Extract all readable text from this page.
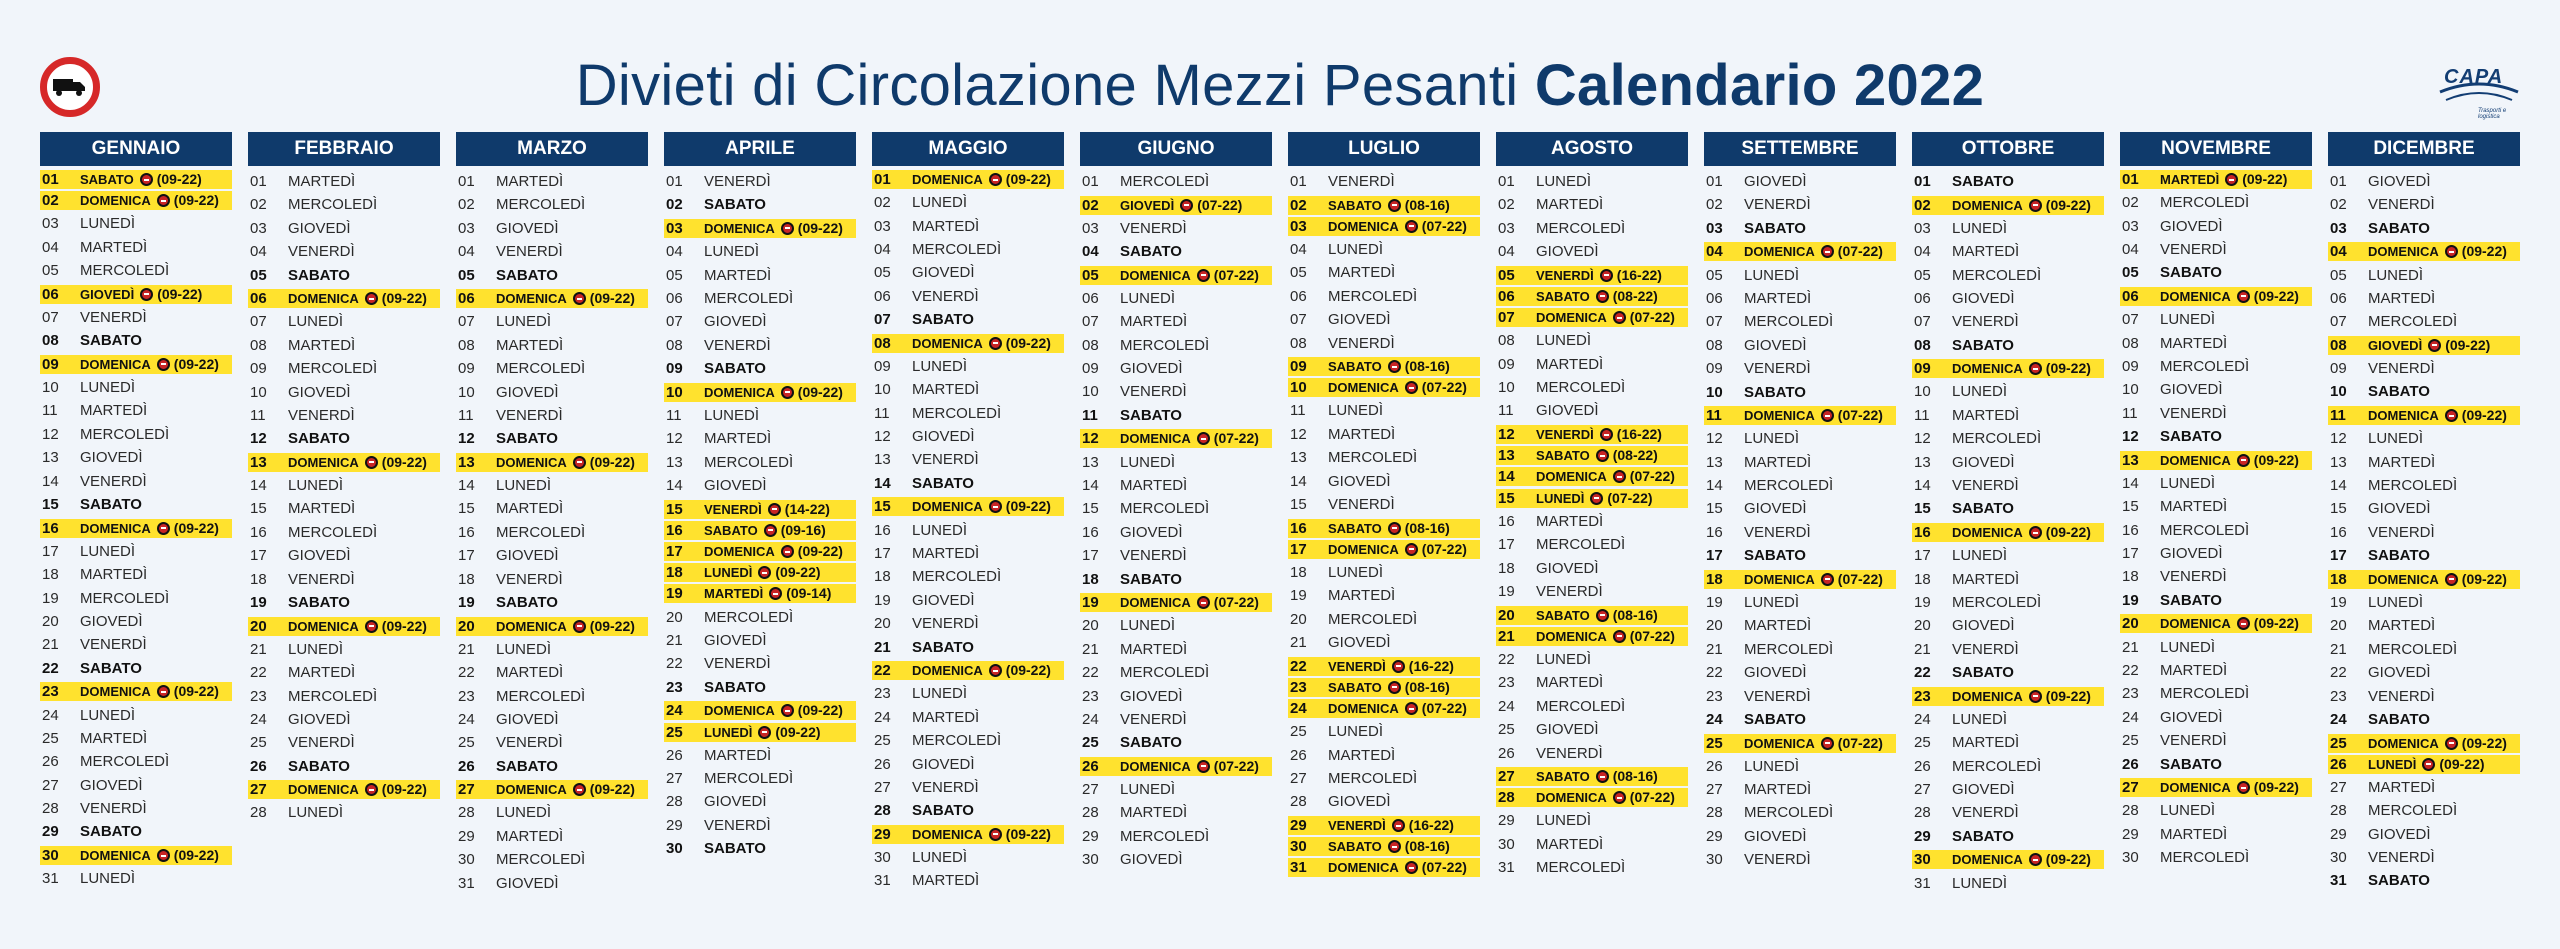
Divieti di Circolazione Mezzi Pesanti Calendario 2022	CAPA
Trasporti e logistica
GENNAIO
01	SABATO (09-22)
02	DOMENICA (09-22)
03	LUNEDÌ
04	MARTEDÌ
05	MERCOLEDÌ
06	GIOVEDÌ (09-22)
07	VENERDÌ
08	SABATO
09	DOMENICA (09-22)
10	LUNEDÌ
11	MARTEDÌ
12	MERCOLEDÌ
13	GIOVEDÌ
14	VENERDÌ
15	SABATO
16	DOMENICA (09-22)
17	LUNEDÌ
18	MARTEDÌ
19	MERCOLEDÌ
20	GIOVEDÌ
21	VENERDÌ
22	SABATO
23	DOMENICA (09-22)
24	LUNEDÌ
25	MARTEDÌ
26	MERCOLEDÌ
27	GIOVEDÌ
28	VENERDÌ
29	SABATO
30	DOMENICA (09-22)
31	LUNEDÌ
FEBBRAIO
01	MARTEDÌ
02	MERCOLEDÌ
03	GIOVEDÌ
04	VENERDÌ
05	SABATO
06	DOMENICA (09-22)
07	LUNEDÌ
08	MARTEDÌ
09	MERCOLEDÌ
10	GIOVEDÌ
11	VENERDÌ
12	SABATO
13	DOMENICA (09-22)
14	LUNEDÌ
15	MARTEDÌ
16	MERCOLEDÌ
17	GIOVEDÌ
18	VENERDÌ
19	SABATO
20	DOMENICA (09-22)
21	LUNEDÌ
22	MARTEDÌ
23	MERCOLEDÌ
24	GIOVEDÌ
25	VENERDÌ
26	SABATO
27	DOMENICA (09-22)
28	LUNEDÌ
MARZO
01	MARTEDÌ
02	MERCOLEDÌ
03	GIOVEDÌ
04	VENERDÌ
05	SABATO
06	DOMENICA (09-22)
07	LUNEDÌ
08	MARTEDÌ
09	MERCOLEDÌ
10	GIOVEDÌ
11	VENERDÌ
12	SABATO
13	DOMENICA (09-22)
14	LUNEDÌ
15	MARTEDÌ
16	MERCOLEDÌ
17	GIOVEDÌ
18	VENERDÌ
19	SABATO
20	DOMENICA (09-22)
21	LUNEDÌ
22	MARTEDÌ
23	MERCOLEDÌ
24	GIOVEDÌ
25	VENERDÌ
26	SABATO
27	DOMENICA (09-22)
28	LUNEDÌ
29	MARTEDÌ
30	MERCOLEDÌ
31	GIOVEDÌ
APRILE
01	VENERDÌ
02	SABATO
03	DOMENICA (09-22)
04	LUNEDÌ
05	MARTEDÌ
06	MERCOLEDÌ
07	GIOVEDÌ
08	VENERDÌ
09	SABATO
10	DOMENICA (09-22)
11	LUNEDÌ
12	MARTEDÌ
13	MERCOLEDÌ
14	GIOVEDÌ
15	VENERDÌ (14-22)
16	SABATO (09-16)
17	DOMENICA (09-22)
18	LUNEDÌ (09-22)
19	MARTEDÌ (09-14)
20	MERCOLEDÌ
21	GIOVEDÌ
22	VENERDÌ
23	SABATO
24	DOMENICA (09-22)
25	LUNEDÌ (09-22)
26	MARTEDÌ
27	MERCOLEDÌ
28	GIOVEDÌ
29	VENERDÌ
30	SABATO
MAGGIO
01	DOMENICA (09-22)
02	LUNEDÌ
03	MARTEDÌ
04	MERCOLEDÌ
05	GIOVEDÌ
06	VENERDÌ
07	SABATO
08	DOMENICA (09-22)
09	LUNEDÌ
10	MARTEDÌ
11	MERCOLEDÌ
12	GIOVEDÌ
13	VENERDÌ
14	SABATO
15	DOMENICA (09-22)
16	LUNEDÌ
17	MARTEDÌ
18	MERCOLEDÌ
19	GIOVEDÌ
20	VENERDÌ
21	SABATO
22	DOMENICA (09-22)
23	LUNEDÌ
24	MARTEDÌ
25	MERCOLEDÌ
26	GIOVEDÌ
27	VENERDÌ
28	SABATO
29	DOMENICA (09-22)
30	LUNEDÌ
31	MARTEDÌ
GIUGNO
01	MERCOLEDÌ
02	GIOVEDÌ (07-22)
03	VENERDÌ
04	SABATO
05	DOMENICA (07-22)
06	LUNEDÌ
07	MARTEDÌ
08	MERCOLEDÌ
09	GIOVEDÌ
10	VENERDÌ
11	SABATO
12	DOMENICA (07-22)
13	LUNEDÌ
14	MARTEDÌ
15	MERCOLEDÌ
16	GIOVEDÌ
17	VENERDÌ
18	SABATO
19	DOMENICA (07-22)
20	LUNEDÌ
21	MARTEDÌ
22	MERCOLEDÌ
23	GIOVEDÌ
24	VENERDÌ
25	SABATO
26	DOMENICA (07-22)
27	LUNEDÌ
28	MARTEDÌ
29	MERCOLEDÌ
30	GIOVEDÌ
LUGLIO
01	VENERDÌ
02	SABATO (08-16)
03	DOMENICA (07-22)
04	LUNEDÌ
05	MARTEDÌ
06	MERCOLEDÌ
07	GIOVEDÌ
08	VENERDÌ
09	SABATO (08-16)
10	DOMENICA (07-22)
11	LUNEDÌ
12	MARTEDÌ
13	MERCOLEDÌ
14	GIOVEDÌ
15	VENERDÌ
16	SABATO (08-16)
17	DOMENICA (07-22)
18	LUNEDÌ
19	MARTEDÌ
20	MERCOLEDÌ
21	GIOVEDÌ
22	VENERDÌ (16-22)
23	SABATO (08-16)
24	DOMENICA (07-22)
25	LUNEDÌ
26	MARTEDÌ
27	MERCOLEDÌ
28	GIOVEDÌ
29	VENERDÌ (16-22)
30	SABATO (08-16)
31	DOMENICA (07-22)
AGOSTO
01	LUNEDÌ
02	MARTEDÌ
03	MERCOLEDÌ
04	GIOVEDÌ
05	VENERDÌ (16-22)
06	SABATO (08-22)
07	DOMENICA (07-22)
08	LUNEDÌ
09	MARTEDÌ
10	MERCOLEDÌ
11	GIOVEDÌ
12	VENERDÌ (16-22)
13	SABATO (08-22)
14	DOMENICA (07-22)
15	LUNEDÌ (07-22)
16	MARTEDÌ
17	MERCOLEDÌ
18	GIOVEDÌ
19	VENERDÌ
20	SABATO (08-16)
21	DOMENICA (07-22)
22	LUNEDÌ
23	MARTEDÌ
24	MERCOLEDÌ
25	GIOVEDÌ
26	VENERDÌ
27	SABATO (08-16)
28	DOMENICA (07-22)
29	LUNEDÌ
30	MARTEDÌ
31	MERCOLEDÌ
SETTEMBRE
01	GIOVEDÌ
02	VENERDÌ
03	SABATO
04	DOMENICA (07-22)
05	LUNEDÌ
06	MARTEDÌ
07	MERCOLEDÌ
08	GIOVEDÌ
09	VENERDÌ
10	SABATO
11	DOMENICA (07-22)
12	LUNEDÌ
13	MARTEDÌ
14	MERCOLEDÌ
15	GIOVEDÌ
16	VENERDÌ
17	SABATO
18	DOMENICA (07-22)
19	LUNEDÌ
20	MARTEDÌ
21	MERCOLEDÌ
22	GIOVEDÌ
23	VENERDÌ
24	SABATO
25	DOMENICA (07-22)
26	LUNEDÌ
27	MARTEDÌ
28	MERCOLEDÌ
29	GIOVEDÌ
30	VENERDÌ
OTTOBRE
01	SABATO
02	DOMENICA (09-22)
03	LUNEDÌ
04	MARTEDÌ
05	MERCOLEDÌ
06	GIOVEDÌ
07	VENERDÌ
08	SABATO
09	DOMENICA (09-22)
10	LUNEDÌ
11	MARTEDÌ
12	MERCOLEDÌ
13	GIOVEDÌ
14	VENERDÌ
15	SABATO
16	DOMENICA (09-22)
17	LUNEDÌ
18	MARTEDÌ
19	MERCOLEDÌ
20	GIOVEDÌ
21	VENERDÌ
22	SABATO
23	DOMENICA (09-22)
24	LUNEDÌ
25	MARTEDÌ
26	MERCOLEDÌ
27	GIOVEDÌ
28	VENERDÌ
29	SABATO
30	DOMENICA (09-22)
31	LUNEDÌ
NOVEMBRE
01	MARTEDÌ (09-22)
02	MERCOLEDÌ
03	GIOVEDÌ
04	VENERDÌ
05	SABATO
06	DOMENICA (09-22)
07	LUNEDÌ
08	MARTEDÌ
09	MERCOLEDÌ
10	GIOVEDÌ
11	VENERDÌ
12	SABATO
13	DOMENICA (09-22)
14	LUNEDÌ
15	MARTEDÌ
16	MERCOLEDÌ
17	GIOVEDÌ
18	VENERDÌ
19	SABATO
20	DOMENICA (09-22)
21	LUNEDÌ
22	MARTEDÌ
23	MERCOLEDÌ
24	GIOVEDÌ
25	VENERDÌ
26	SABATO
27	DOMENICA (09-22)
28	LUNEDÌ
29	MARTEDÌ
30	MERCOLEDÌ
DICEMBRE
01	GIOVEDÌ
02	VENERDÌ
03	SABATO
04	DOMENICA (09-22)
05	LUNEDÌ
06	MARTEDÌ
07	MERCOLEDÌ
08	GIOVEDÌ (09-22)
09	VENERDÌ
10	SABATO
11	DOMENICA (09-22)
12	LUNEDÌ
13	MARTEDÌ
14	MERCOLEDÌ
15	GIOVEDÌ
16	VENERDÌ
17	SABATO
18	DOMENICA (09-22)
19	LUNEDÌ
20	MARTEDÌ
21	MERCOLEDÌ
22	GIOVEDÌ
23	VENERDÌ
24	SABATO
25	DOMENICA (09-22)
26	LUNEDÌ (09-22)
27	MARTEDÌ
28	MERCOLEDÌ
29	GIOVEDÌ
30	VENERDÌ
31	SABATO
